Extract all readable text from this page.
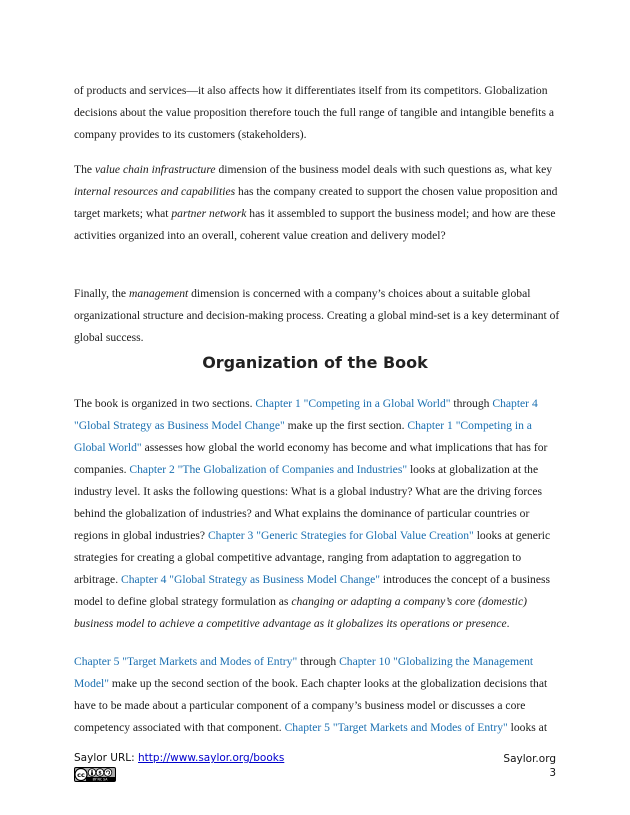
of products and services—it also affects how it differentiates itself from its competitors. Globalization decisions about the value proposition therefore touch the full range of tangible and intangible benefits a company provides to its customers (stakeholders).

The value chain infrastructure dimension of the business model deals with such questions as, what key internal resources and capabilities has the company created to support the chosen value proposition and target markets; what partner network has it assembled to support the business model; and how are these activities organized into an overall, coherent value creation and delivery model?

Finally, the management dimension is concerned with a company’s choices about a suitable global organizational structure and decision-making process. Creating a global mind-set is a key determinant of global success.

Organization of the Book

The book is organized in two sections. Chapter 1 "Competing in a Global World" through Chapter 4 "Global Strategy as Business Model Change" make up the first section. Chapter 1 "Competing in a Global World" assesses how global the world economy has become and what implications that has for companies. Chapter 2 "The Globalization of Companies and Industries" looks at globalization at the industry level. It asks the following questions: What is a global industry? What are the driving forces behind the globalization of industries? and What explains the dominance of particular countries or regions in global industries? Chapter 3 "Generic Strategies for Global Value Creation" looks at generic strategies for creating a global competitive advantage, ranging from adaptation to aggregation to arbitrage. Chapter 4 "Global Strategy as Business Model Change" introduces the concept of a business model to define global strategy formulation as changing or adapting a company’s core (domestic) business model to achieve a competitive advantage as it globalizes its operations or presence.

Chapter 5 "Target Markets and Modes of Entry" through Chapter 10 "Globalizing the Management Model" make up the second section of the book. Each chapter looks at the globalization decisions that have to be made about a particular component of a company’s business model or discusses a core competency associated with that component. Chapter 5 "Target Markets and Modes of Entry" looks at

Saylor URL: http://www.saylor.org/books	Saylor.org
3
cc	$
BY NC SA
